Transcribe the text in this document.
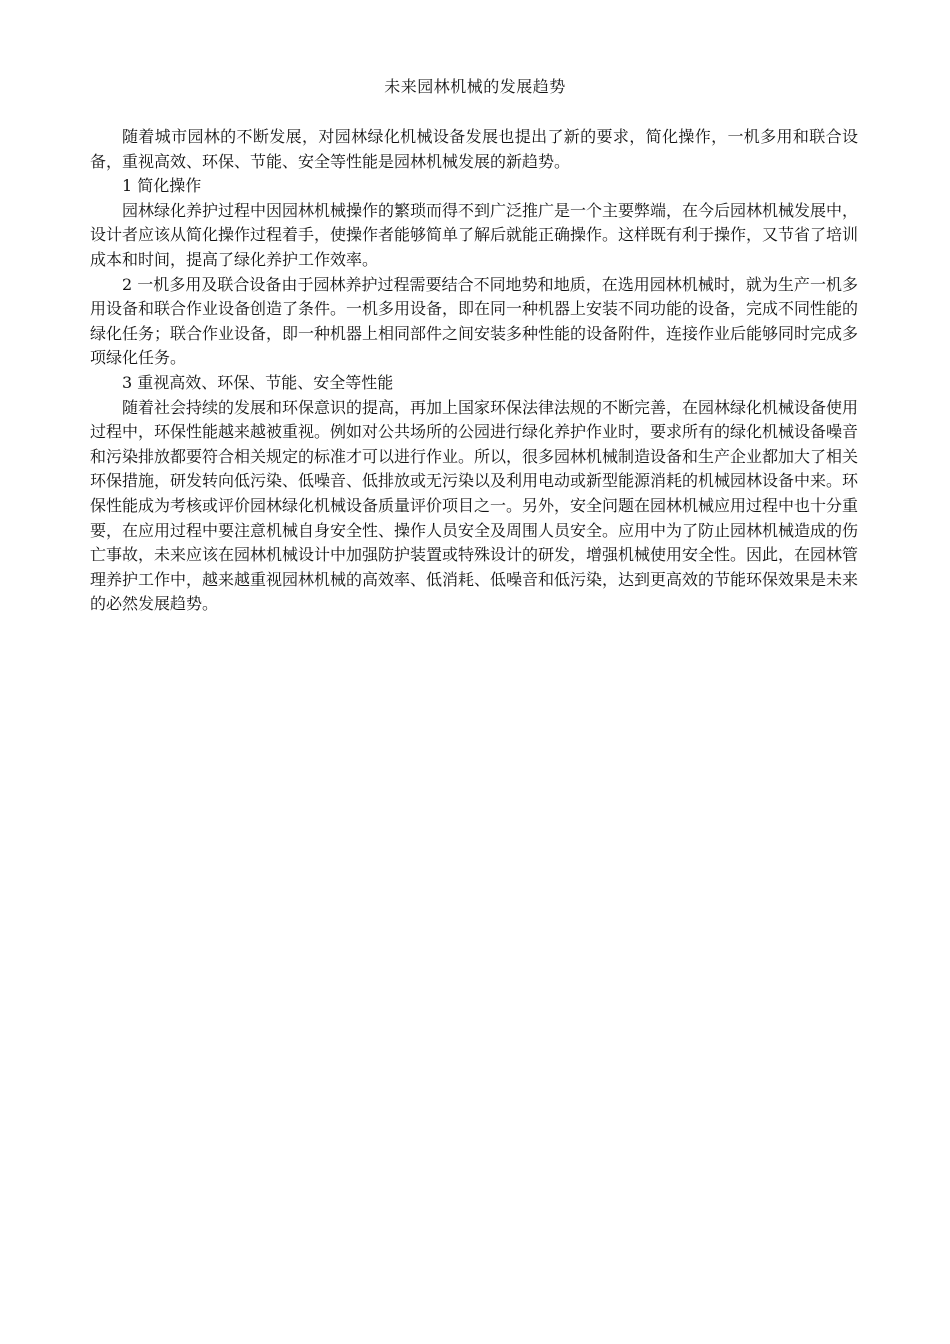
未来园林机械的发展趋势

随着城市园林的不断发展，对园林绿化机械设备发展也提出了新的要求，简化操作，一机多用和联合设备，重视高效、环保、节能、安全等性能是园林机械发展的新趋势。

1 简化操作

园林绿化养护过程中因园林机械操作的繁琐而得不到广泛推广是一个主要弊端，在今后园林机械发展中，设计者应该从简化操作过程着手，使操作者能够简单了解后就能正确操作。这样既有利于操作，又节省了培训成本和时间，提高了绿化养护工作效率。

2 一机多用及联合设备由于园林养护过程需要结合不同地势和地质，在选用园林机械时，就为生产一机多用设备和联合作业设备创造了条件。一机多用设备，即在同一种机器上安装不同功能的设备，完成不同性能的绿化任务；联合作业设备，即一种机器上相同部件之间安装多种性能的设备附件，连接作业后能够同时完成多项绿化任务。

3 重视高效、环保、节能、安全等性能

随着社会持续的发展和环保意识的提高，再加上国家环保法律法规的不断完善，在园林绿化机械设备使用过程中，环保性能越来越被重视。例如对公共场所的公园进行绿化养护作业时，要求所有的绿化机械设备噪音和污染排放都要符合相关规定的标准才可以进行作业。所以，很多园林机械制造设备和生产企业都加大了相关环保措施，研发转向低污染、低噪音、低排放或无污染以及利用电动或新型能源消耗的机械园林设备中来。环保性能成为考核或评价园林绿化机械设备质量评价项目之一。另外，安全问题在园林机械应用过程中也十分重要，在应用过程中要注意机械自身安全性、操作人员安全及周围人员安全。应用中为了防止园林机械造成的伤亡事故，未来应该在园林机械设计中加强防护装置或特殊设计的研发，增强机械使用安全性。因此，在园林管理养护工作中，越来越重视园林机械的高效率、低消耗、低噪音和低污染，达到更高效的节能环保效果是未来的必然发展趋势。
